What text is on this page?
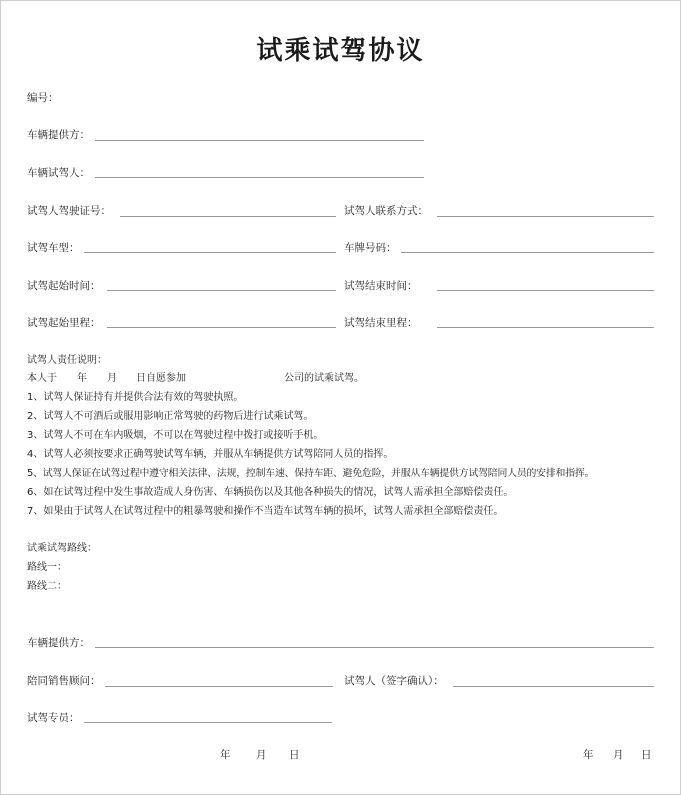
试乘试驾协议
编号：
车辆提供方：
车辆试驾人：
试驾人驾驶证号：	试驾人联系方式：
试驾车型：	车牌号码：
试驾起始时间：	试驾结束时间：
试驾起始里程：	试驾结束里程：
试驾人责任说明：
本人于 年 月 日自愿参加	公司的试乘试驾。
1、试驾人保证持有并提供合法有效的驾驶执照。
2、试驾人不可酒后或服用影响正常驾驶的药物后进行试乘试驾。
3、试驾人不可在车内吸烟，不可以在驾驶过程中拨打或接听手机。
4、试驾人必须按要求正确驾驶试驾车辆，并服从车辆提供方试驾陪同人员的指挥。
5、试驾人保证在试驾过程中遵守相关法律、法规，控制车速、保持车距、避免危险，并服从车辆提供方试驾陪同人员的安排和指挥。
6、如在试驾过程中发生事故造成人身伤害、车辆损伤以及其他各种损失的情况，试驾人需承担全部赔偿责任。
7、如果由于试驾人在试驾过程中的粗暴驾驶和操作不当造车试驾车辆的损坏，试驾人需承担全部赔偿责任。
试乘试驾路线：
路线一：
路线二：
车辆提供方：
陪同销售顾问：	试驾人（签字确认）：
试驾专员：
年 月 日	年 月 日
